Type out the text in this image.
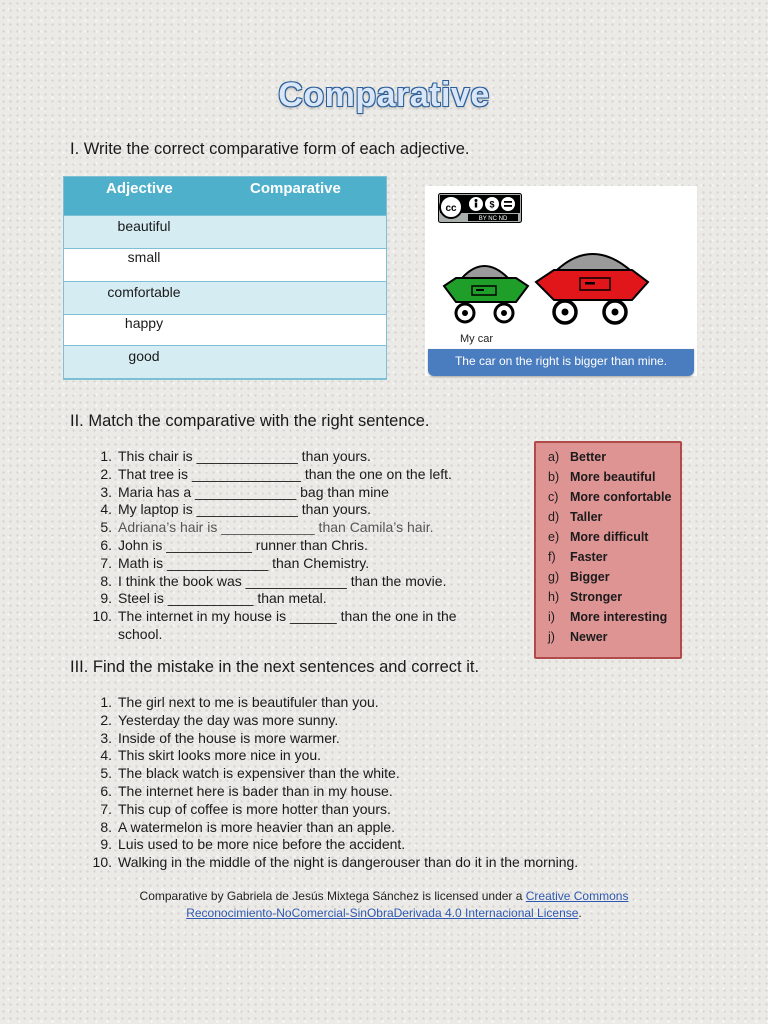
Comparative
I. Write the correct comparative form of each adjective.
Adjective	Comparative
beautiful
small
comfortable
happy
good
cc	$
BY NC ND
My car
The car on the right is bigger than mine.
II. Match the comparative with the right sentence.
1. This chair is _____________ than yours.
2. That tree is ______________ than the one on the left.
3. Maria has a _____________ bag than mine
4. My laptop is _____________ than yours.
5. Adriana’s hair is ____________ than Camila’s hair.
6. John is ___________ runner than Chris.
7. Math is _____________ than Chemistry.
8. I think the book was _____________ than the movie.
9. Steel is ___________ than metal.
10. The internet in my house is ______ than the one in the school.
a) Better
b) More beautiful
c) More confortable
d) Taller
e) More difficult
f) Faster
g) Bigger
h) Stronger
i) More interesting
j) Newer
III. Find the mistake in the next sentences and correct it.
1. The girl next to me is beautifuler than you.
2. Yesterday the day was more sunny.
3. Inside of the house is more warmer.
4. This skirt looks more nice in you.
5. The black watch is expensiver than the white.
6. The internet here is bader than in my house.
7. This cup of coffee is more hotter than yours.
8. A watermelon is more heavier than an apple.
9. Luis used to be more nice before the accident.
10. Walking in the middle of the night is dangerouser than do it in the morning.
Comparative by Gabriela de Jesús Mixtega Sánchez is licensed under a Creative Commons
Reconocimiento-NoComercial-SinObraDerivada 4.0 Internacional License.
